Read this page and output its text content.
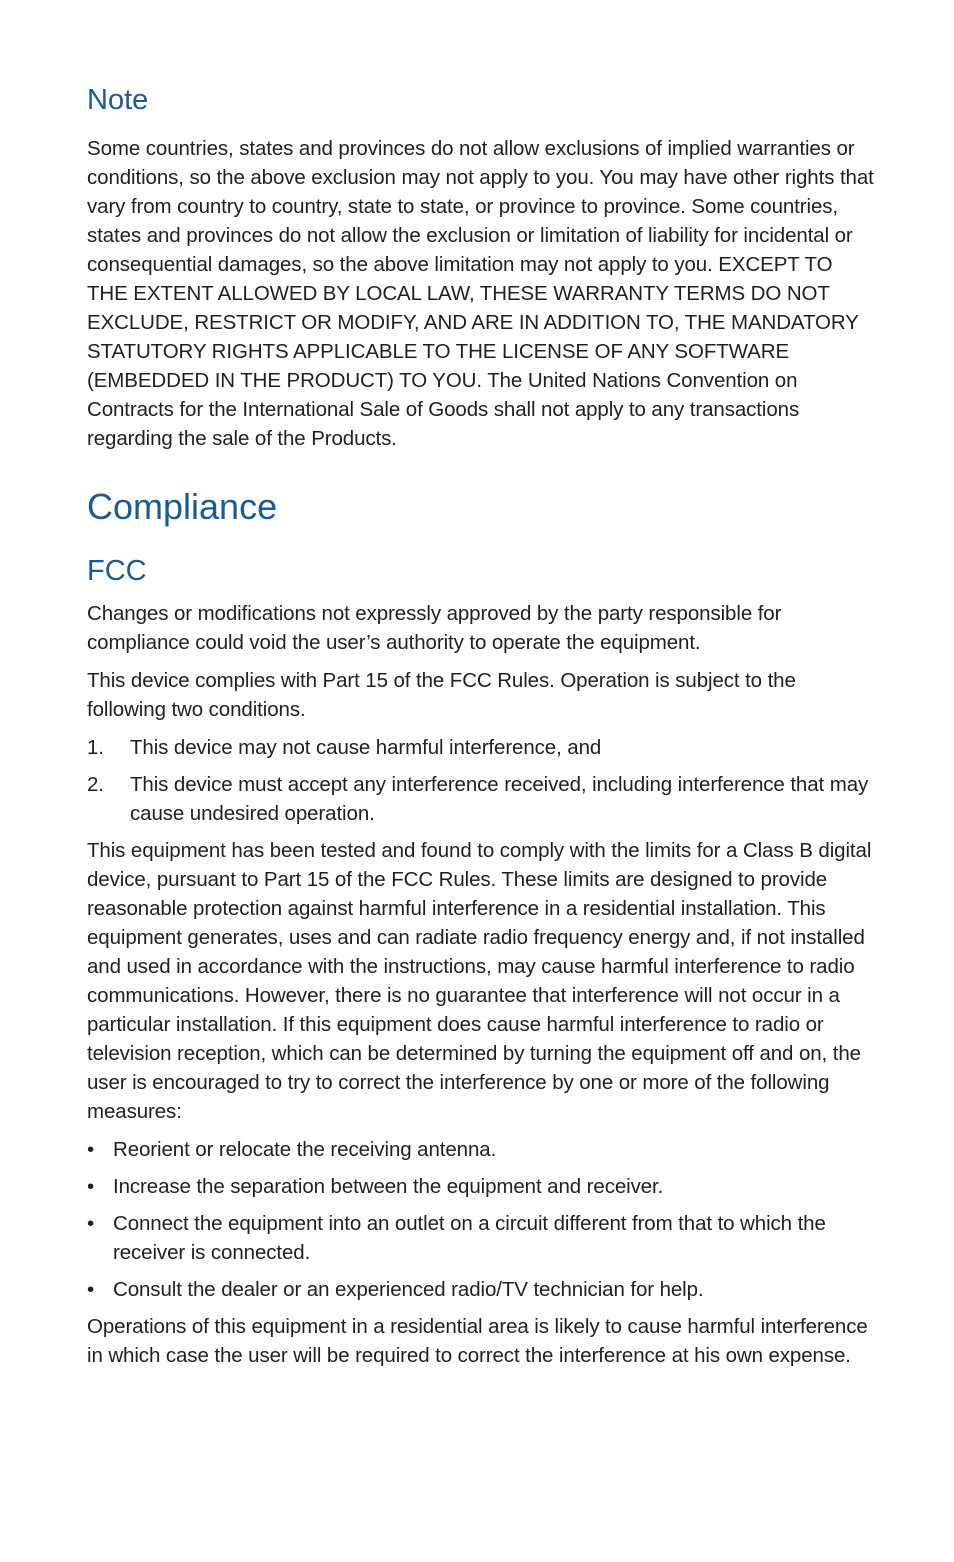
Note

Some countries, states and provinces do not allow exclusions of implied warranties or conditions, so the above exclusion may not apply to you. You may have other rights that vary from country to country, state to state, or province to province. Some countries, states and provinces do not allow the exclusion or limitation of liability for incidental or consequential damages, so the above limitation may not apply to you. EXCEPT TO THE EXTENT ALLOWED BY LOCAL LAW, THESE WARRANTY TERMS DO NOT EXCLUDE, RESTRICT OR MODIFY, AND ARE IN ADDITION TO, THE MANDATORY STATUTORY RIGHTS APPLICABLE TO THE LICENSE OF ANY SOFTWARE (EMBEDDED IN THE PRODUCT) TO YOU. The United Nations Convention on Contracts for the International Sale of Goods shall not apply to any transactions regarding the sale of the Products.

Compliance
FCC

Changes or modifications not expressly approved by the party responsible for compliance could void the user’s authority to operate the equipment.

This device complies with Part 15 of the FCC Rules. Operation is subject to the following two conditions.

1. This device may not cause harmful interference, and
2. This device must accept any interference received, including interference that may cause undesired operation.

This equipment has been tested and found to comply with the limits for a Class B digital device, pursuant to Part 15 of the FCC Rules. These limits are designed to provide reasonable protection against harmful interference in a residential installation. This equipment generates, uses and can radiate radio frequency energy and, if not installed and used in accordance with the instructions, may cause harmful interference to radio communications. However, there is no guarantee that interference will not occur in a particular installation. If this equipment does cause harmful interference to radio or television reception, which can be determined by turning the equipment off and on, the user is encouraged to try to correct the interference by one or more of the following measures:

• Reorient or relocate the receiving antenna.
• Increase the separation between the equipment and receiver.
• Connect the equipment into an outlet on a circuit different from that to which the receiver is connected.
• Consult the dealer or an experienced radio/TV technician for help.

Operations of this equipment in a residential area is likely to cause harmful interference in which case the user will be required to correct the interference at his own expense.
